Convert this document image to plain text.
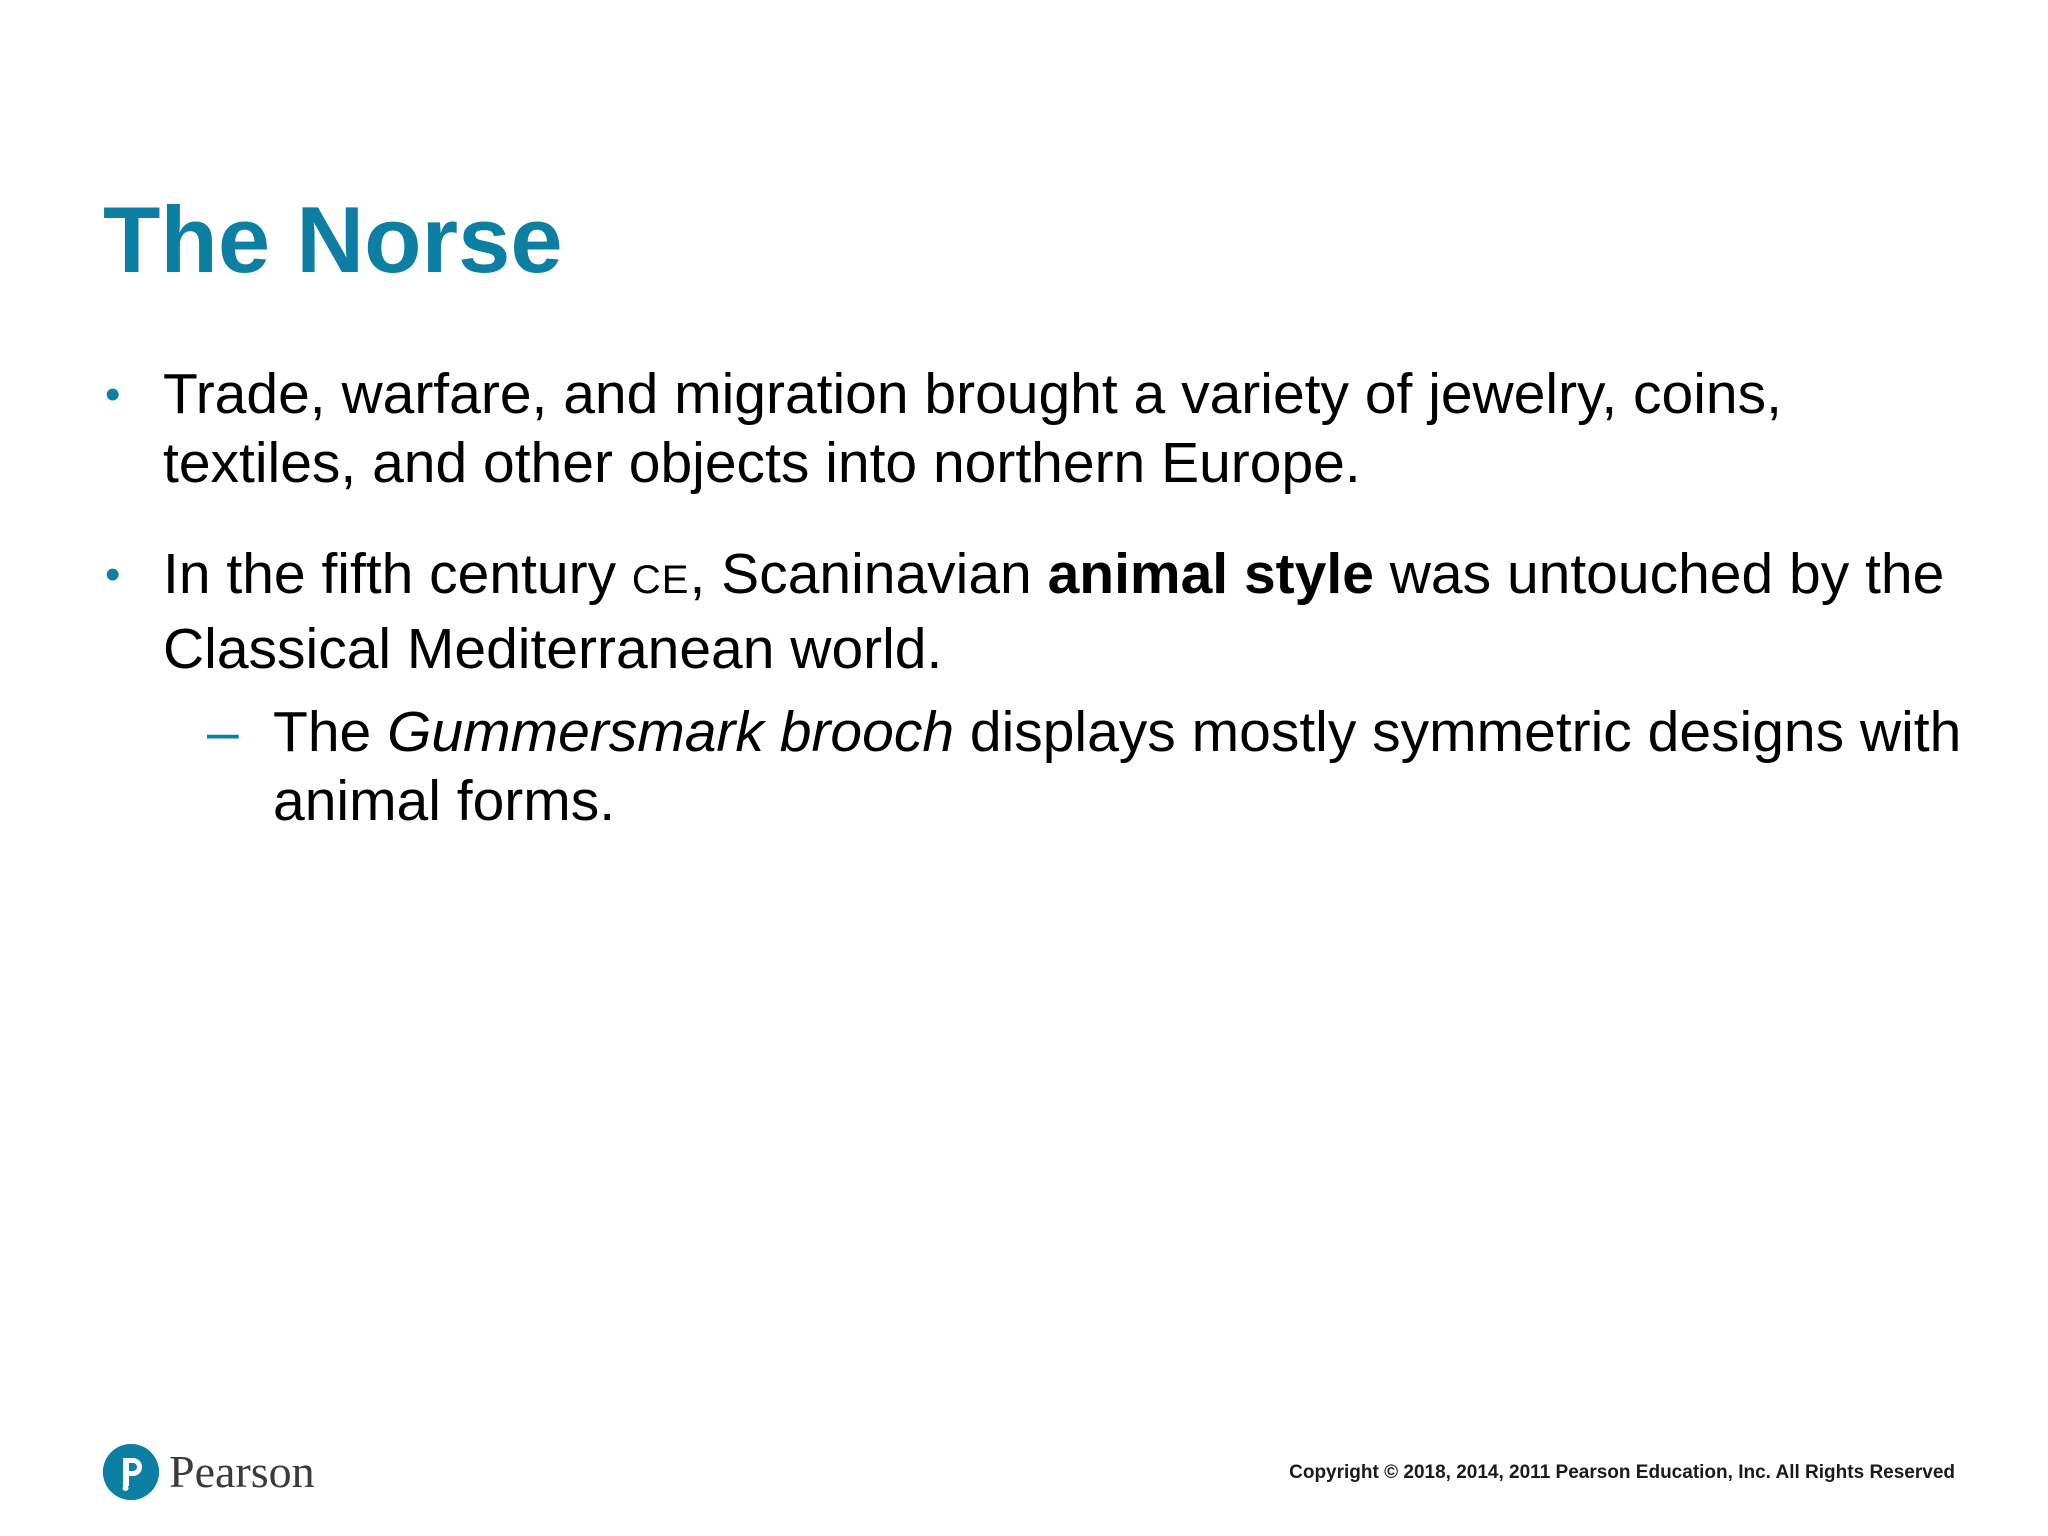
The Norse
• Trade, warfare, and migration brought a variety of jewelry, coins, textiles, and other objects into northern Europe.
• In the fifth century CE, Scaninavian animal style was untouched by the Classical Mediterranean world.
– The Gummersmark brooch displays mostly symmetric designs with animal forms.
Pearson	Copyright © 2018, 2014, 2011 Pearson Education, Inc. All Rights Reserved
